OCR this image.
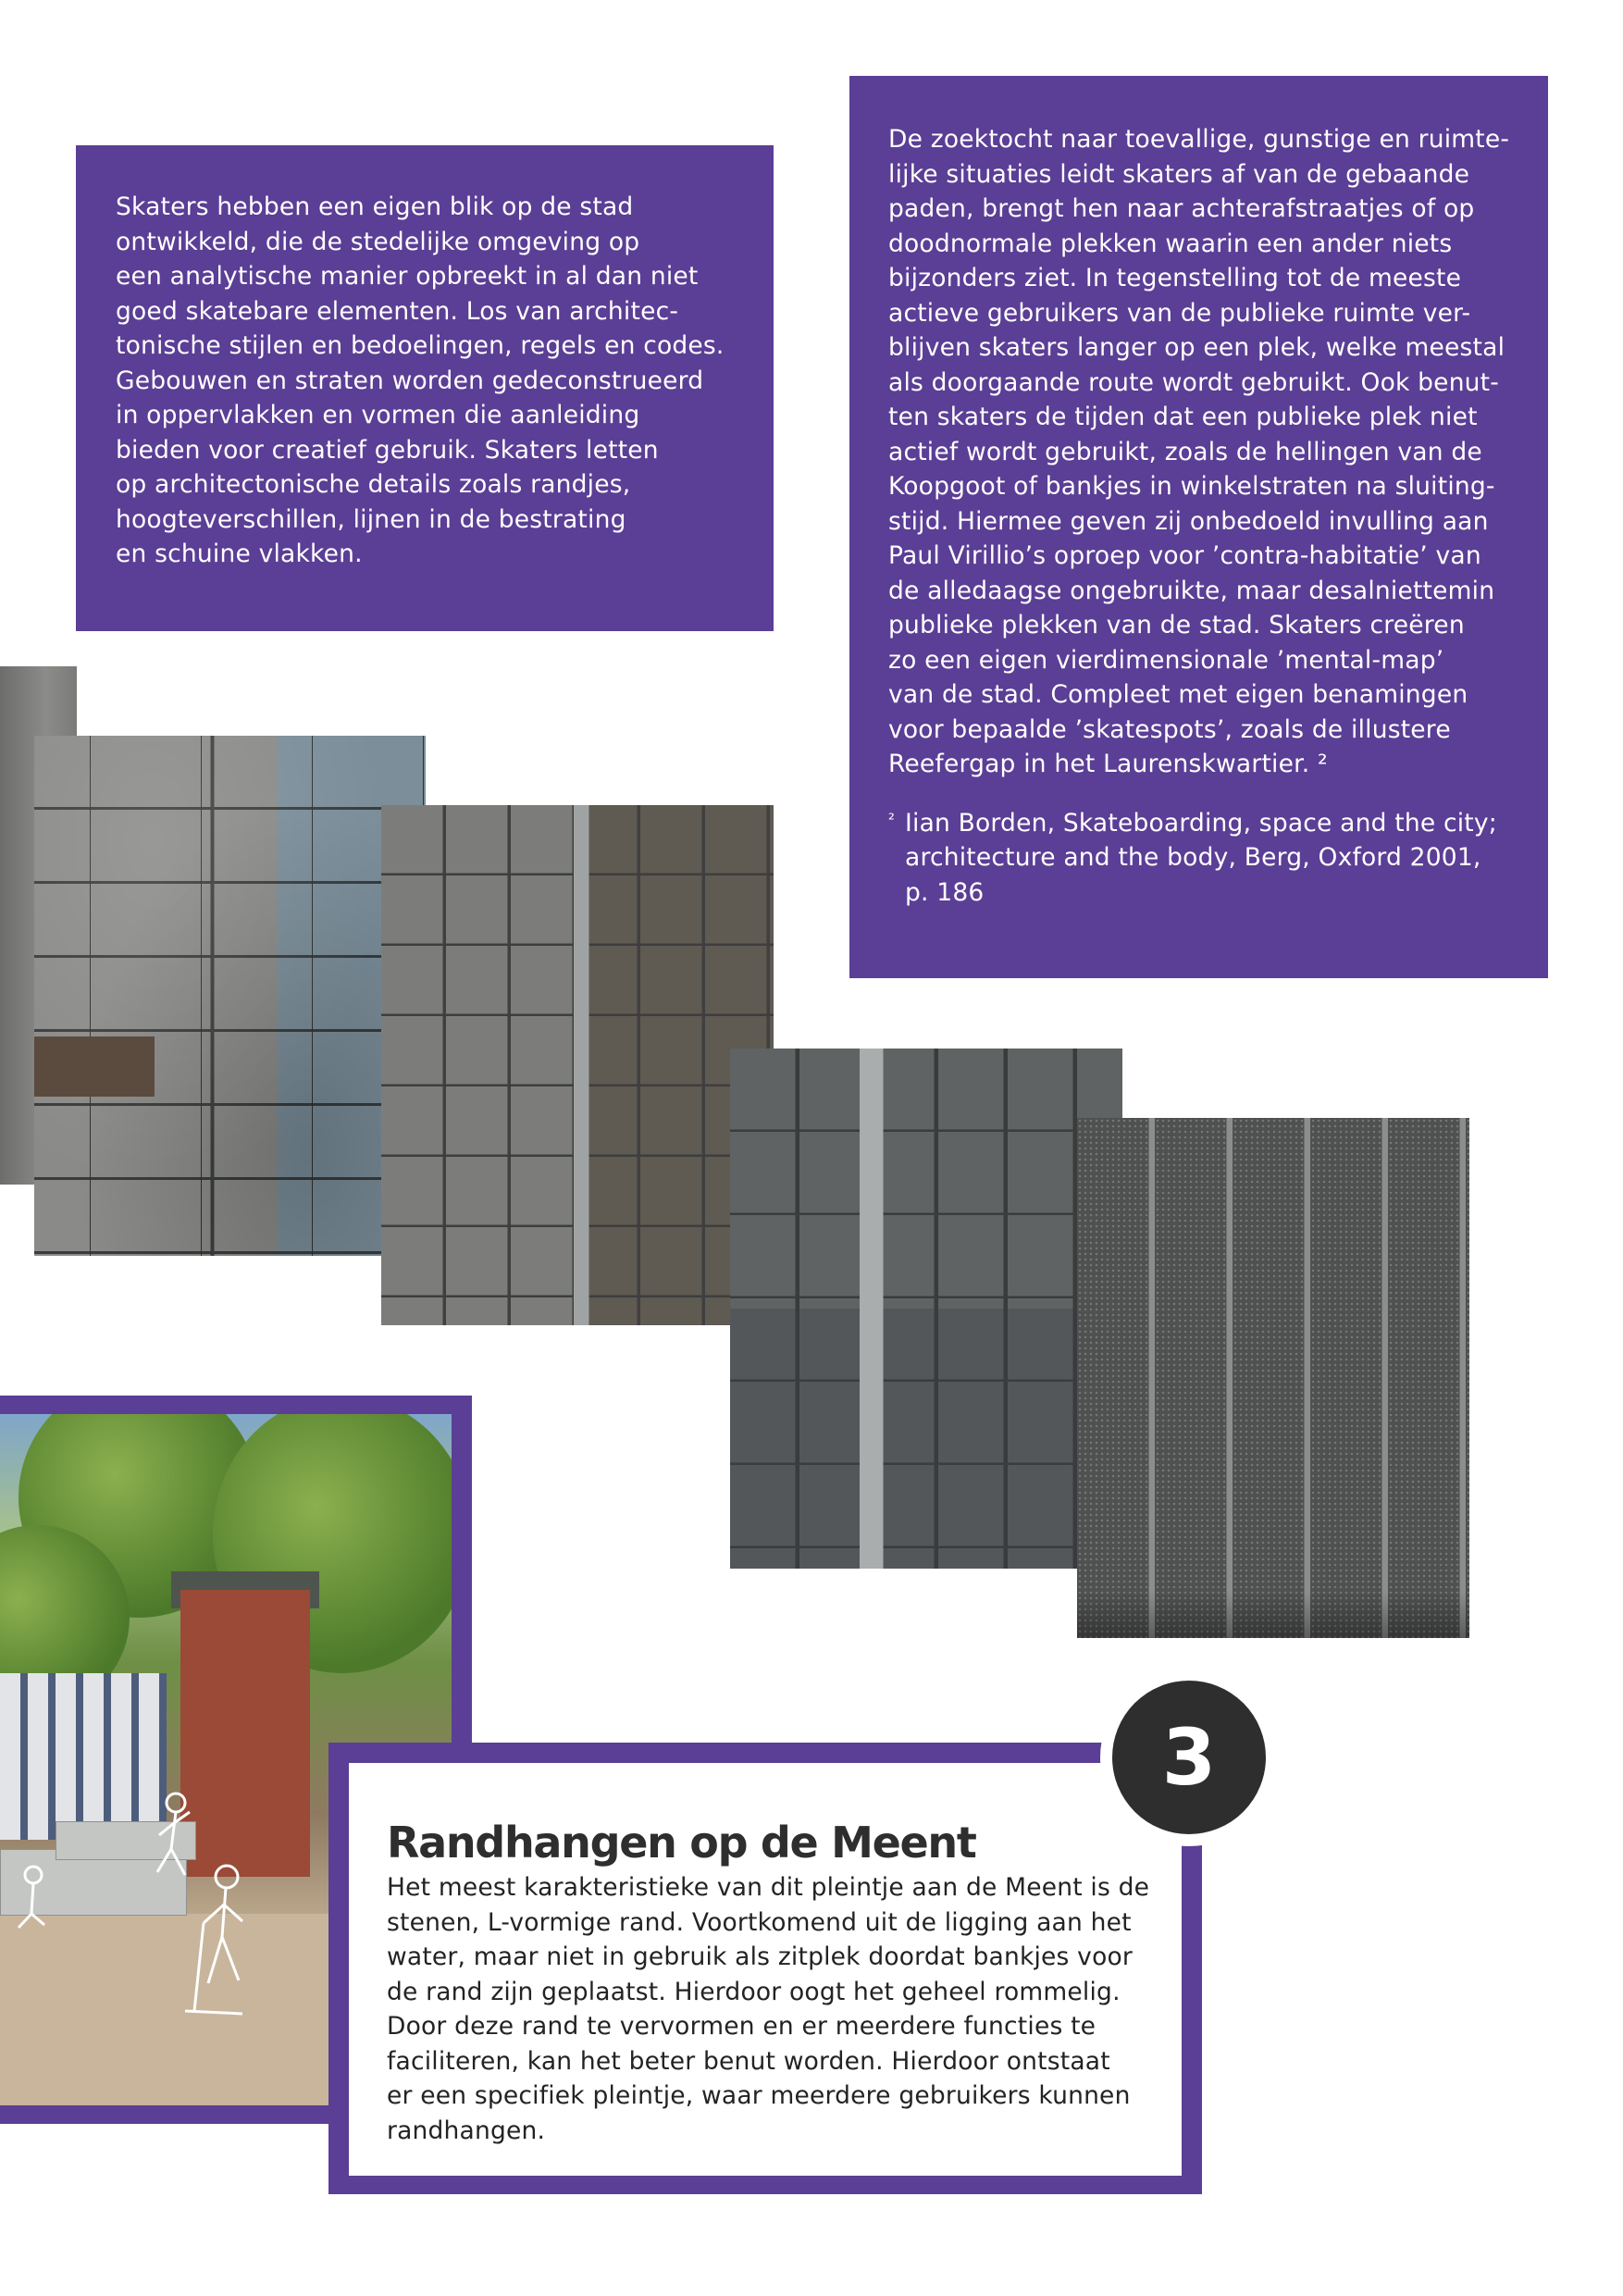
Skaters hebben een eigen blik op de stad
ontwikkeld, die de stedelijke omgeving op
een analytische manier opbreekt in al dan niet
goed skatebare elementen. Los van architec-
tonische stijlen en bedoelingen, regels en codes.
Gebouwen en straten worden gedeconstrueerd
in oppervlakken en vormen die aanleiding
bieden voor creatief gebruik. Skaters letten
op architectonische details zoals randjes,
hoogteverschillen, lijnen in de bestrating
en schuine vlakken.
De zoektocht naar toevallige, gunstige en ruimte-
lijke situaties leidt skaters af van de gebaande
paden, brengt hen naar achterafstraatjes of op
doodnormale plekken waarin een ander niets
bijzonders ziet. In tegenstelling tot de meeste
actieve gebruikers van de publieke ruimte ver-
blijven skaters langer op een plek, welke meestal
als doorgaande route wordt gebruikt. Ook benut-
ten skaters de tijden dat een publieke plek niet
actief wordt gebruikt, zoals de hellingen van de
Koopgoot of bankjes in winkelstraten na sluiting-
stijd. Hiermee geven zij onbedoeld invulling aan
Paul Virillio’s oproep voor ’contra-habitatie’ van
de alledaagse ongebruikte, maar desalniettemin
publieke plekken van de stad. Skaters creëren
zo een eigen vierdimensionale ’mental-map’
van de stad. Compleet met eigen benamingen
voor bepaalde ’skatespots’, zoals de illustere
Reefergap in het Laurenskwartier. ²
² Iian Borden, Skateboarding, space and the city;
architecture and the body, Berg, Oxford 2001,
p. 186
Randhangen op de Meent
Het meest karakteristieke van dit pleintje aan de Meent is de
stenen, L-vormige rand. Voortkomend uit de ligging aan het
water, maar niet in gebruik als zitplek doordat bankjes voor
de rand zijn geplaatst. Hierdoor oogt het geheel rommelig.
Door deze rand te vervormen en er meerdere functies te
faciliteren, kan het beter benut worden. Hierdoor ontstaat
er een specifiek pleintje, waar meerdere gebruikers kunnen
randhangen.
3
